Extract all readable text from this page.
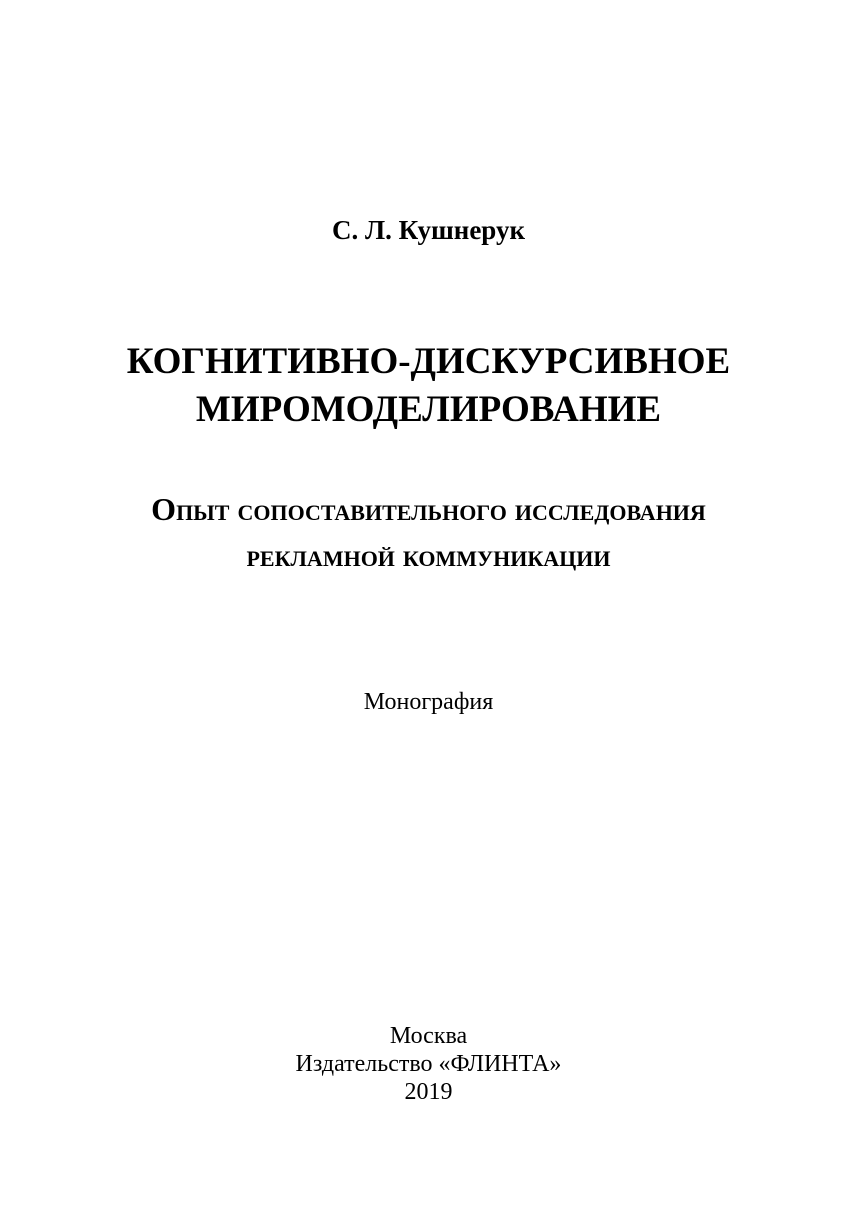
С. Л. Кушнерук
КОГНИТИВНО-ДИСКУРСИВНОЕ
МИРОМОДЕЛИРОВАНИЕ
Опыт сопоставительного исследования
рекламной коммуникации
Монография
Москва
Издательство «ФЛИНТА»
2019
